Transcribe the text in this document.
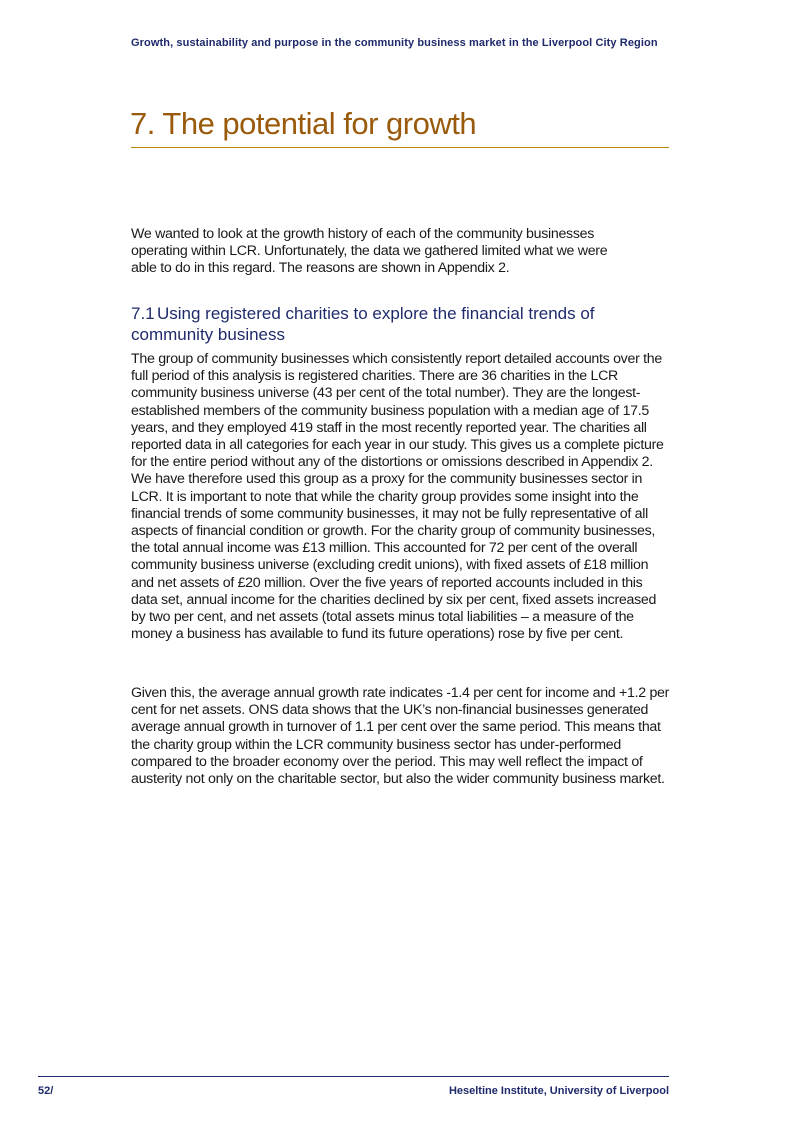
Growth, sustainability and purpose in the community business market in the Liverpool City Region
7. The potential for growth

We wanted to look at the growth history of each of the community businesses operating within LCR. Unfortunately, the data we gathered limited what we were able to do in this regard. The reasons are shown in Appendix 2.

7.1 Using registered charities to explore the financial trends of community business

The group of community businesses which consistently report detailed accounts over the full period of this analysis is registered charities. There are 36 charities in the LCR community business universe (43 per cent of the total number). They are the longest-established members of the community business population with a median age of 17.5 years, and they employed 419 staff in the most recently reported year. The charities all reported data in all categories for each year in our study. This gives us a complete picture for the entire period without any of the distortions or omissions described in Appendix 2. We have therefore used this group as a proxy for the community businesses sector in LCR. It is important to note that while the charity group provides some insight into the financial trends of some community businesses, it may not be fully representative of all aspects of financial condition or growth. For the charity group of community businesses, the total annual income was £13 million. This accounted for 72 per cent of the overall community business universe (excluding credit unions), with fixed assets of £18 million and net assets of £20 million. Over the five years of reported accounts included in this data set, annual income for the charities declined by six per cent, fixed assets increased by two per cent, and net assets (total assets minus total liabilities – a measure of the money a business has available to fund its future operations) rose by five per cent.

Given this, the average annual growth rate indicates -1.4 per cent for income and +1.2 per cent for net assets. ONS data shows that the UK’s non-financial businesses generated average annual growth in turnover of 1.1 per cent over the same period. This means that the charity group within the LCR community business sector has under-performed compared to the broader economy over the period. This may well reflect the impact of austerity not only on the charitable sector, but also the wider community business market.

52/	Heseltine Institute, University of Liverpool
